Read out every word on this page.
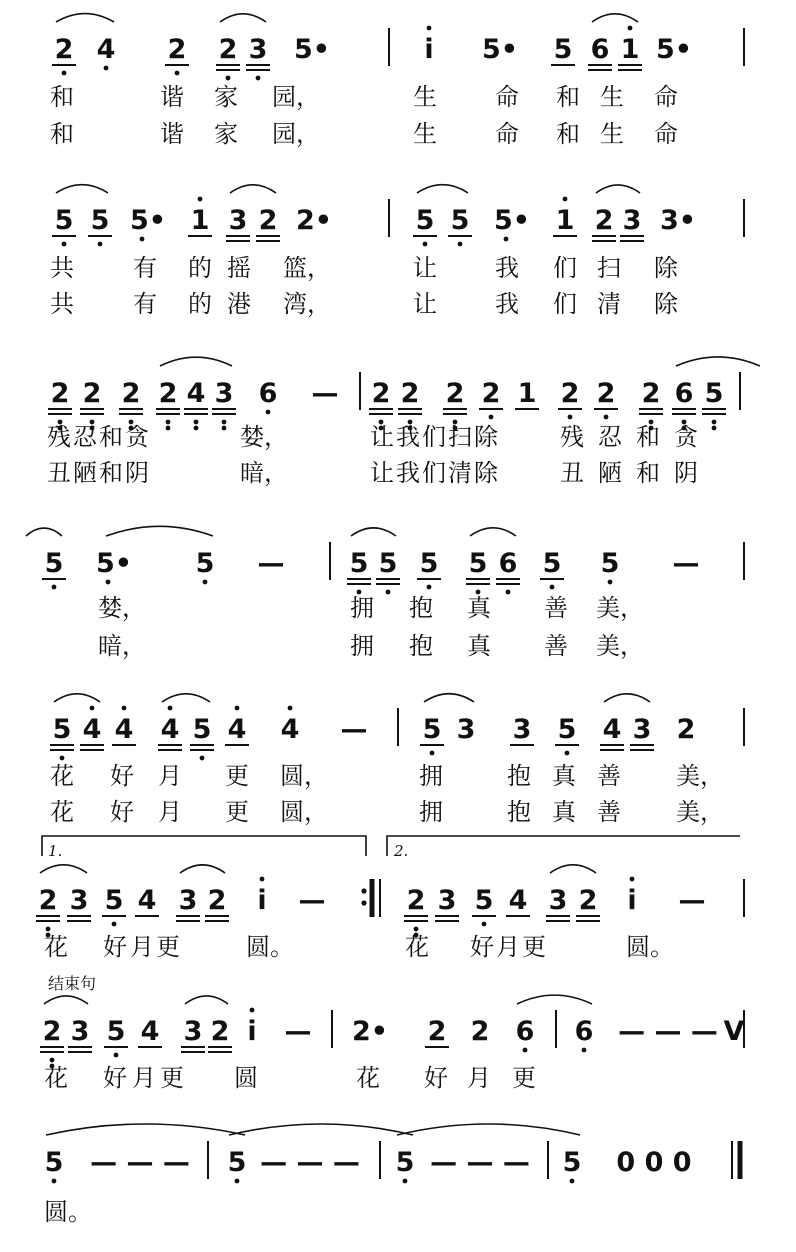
2 4 2 2 3 5•	i 5• 5 6 1 5•
5 5 5• 1 3 2 2•	5 5 5• 1 2 3 3•
2 2 2 2 4 3 6 — 2 2 2 2 1 2 2 2 6 5
5 5• 5 — 5 5 5 5 6 5 5 —
5 4 4 4 5 4 4 — 5 3 3 5 4 3 2
2 3 5 4 3 2 i —	2 3 5 4 3 2 i —
2 3 5 4 3 2 i — 2• 2 2 6 6 — — — V
5 — — — 5 — — — 5 — — — 5 0 0 0
和	谐 家 园，	生 命 和 生 命
和	谐 家 园，	生 命 和 生 命
共 有 的 摇 篮，	让 我 们 扫 除
共 有 的 港 湾，	让 我 们 清 除
残 忍 和 贪	婪，	让 我 们 扫 除	残 忍 和 贪
丑 陋 和 阴	暗，	让 我 们 清 除	丑 陋 和 阴
婪，	拥 抱 真 善 美，
暗，	拥 抱 真 善 美，
花 好 月 更 圆，	拥	抱 真 善 美，
花 好 月 更 圆，	拥	抱 真 善 美，
花 好 月 更	圆。	花 好 月 更	圆。
结束句
花 好 月 更 圆	花 好 月 更
圆。
1.	2.
